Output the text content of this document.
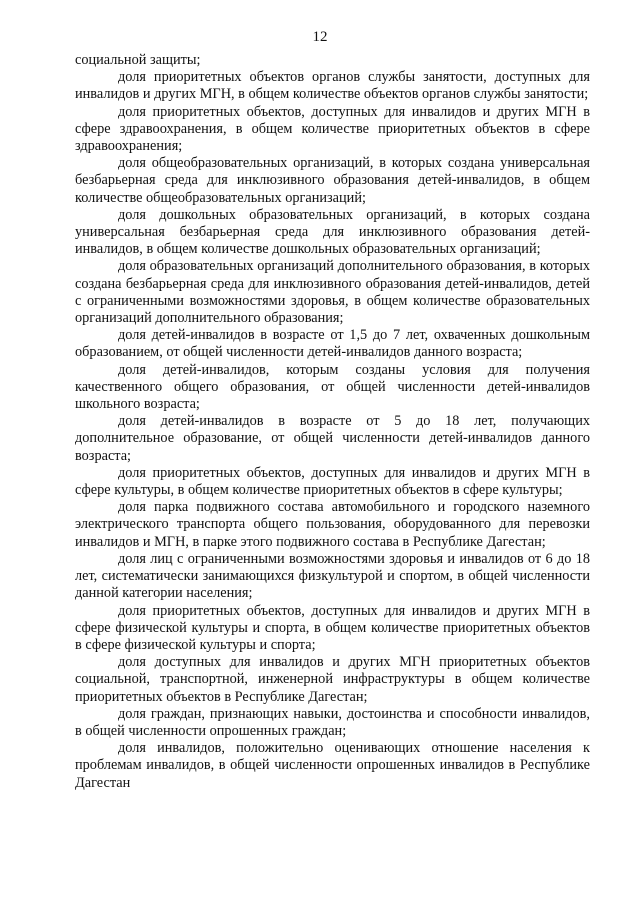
12

социальной защиты;

доля приоритетных объектов органов службы занятости, доступных для инвалидов и других МГН, в общем количестве объектов органов службы занятости;

доля приоритетных объектов, доступных для инвалидов и других МГН в сфере здравоохранения, в общем количестве приоритетных объектов в сфере здравоохранения;

доля общеобразовательных организаций, в которых создана универсальная безбарьерная среда для инклюзивного образования детей-инвалидов, в общем количестве общеобразовательных организаций;

доля дошкольных образовательных организаций, в которых создана универсальная безбарьерная среда для инклюзивного образования детей-инвалидов, в общем количестве дошкольных образовательных организаций;

доля образовательных организаций дополнительного образования, в которых создана безбарьерная среда для инклюзивного образования детей-инвалидов, детей с ограниченными возможностями здоровья, в общем количестве образовательных организаций дополнительного образования;

доля детей-инвалидов в возрасте от 1,5 до 7 лет, охваченных дошкольным образованием, от общей численности детей-инвалидов данного возраста;

доля детей-инвалидов, которым созданы условия для получения качественного общего образования, от общей численности детей-инвалидов школьного возраста;

доля детей-инвалидов в возрасте от 5 до 18 лет, получающих дополнительное образование, от общей численности детей-инвалидов данного возраста;

доля приоритетных объектов, доступных для инвалидов и других МГН в сфере культуры, в общем количестве приоритетных объектов в сфере культуры;

доля парка подвижного состава автомобильного и городского наземного электрического транспорта общего пользования, оборудованного для перевозки инвалидов и МГН, в парке этого подвижного состава в Республике Дагестан;

доля лиц с ограниченными возможностями здоровья и инвалидов от 6 до 18 лет, систематически занимающихся физкультурой и спортом, в общей численности данной категории населения;

доля приоритетных объектов, доступных для инвалидов и других МГН в сфере физической культуры и спорта, в общем количестве приоритетных объектов в сфере физической культуры и спорта;

доля доступных для инвалидов и других МГН приоритетных объектов социальной, транспортной, инженерной инфраструктуры в общем количестве приоритетных объектов в Республике Дагестан;

доля граждан, признающих навыки, достоинства и способности инвалидов, в общей численности опрошенных граждан;

доля инвалидов, положительно оценивающих отношение населения к проблемам инвалидов, в общей численности опрошенных инвалидов в Республике Дагестан
